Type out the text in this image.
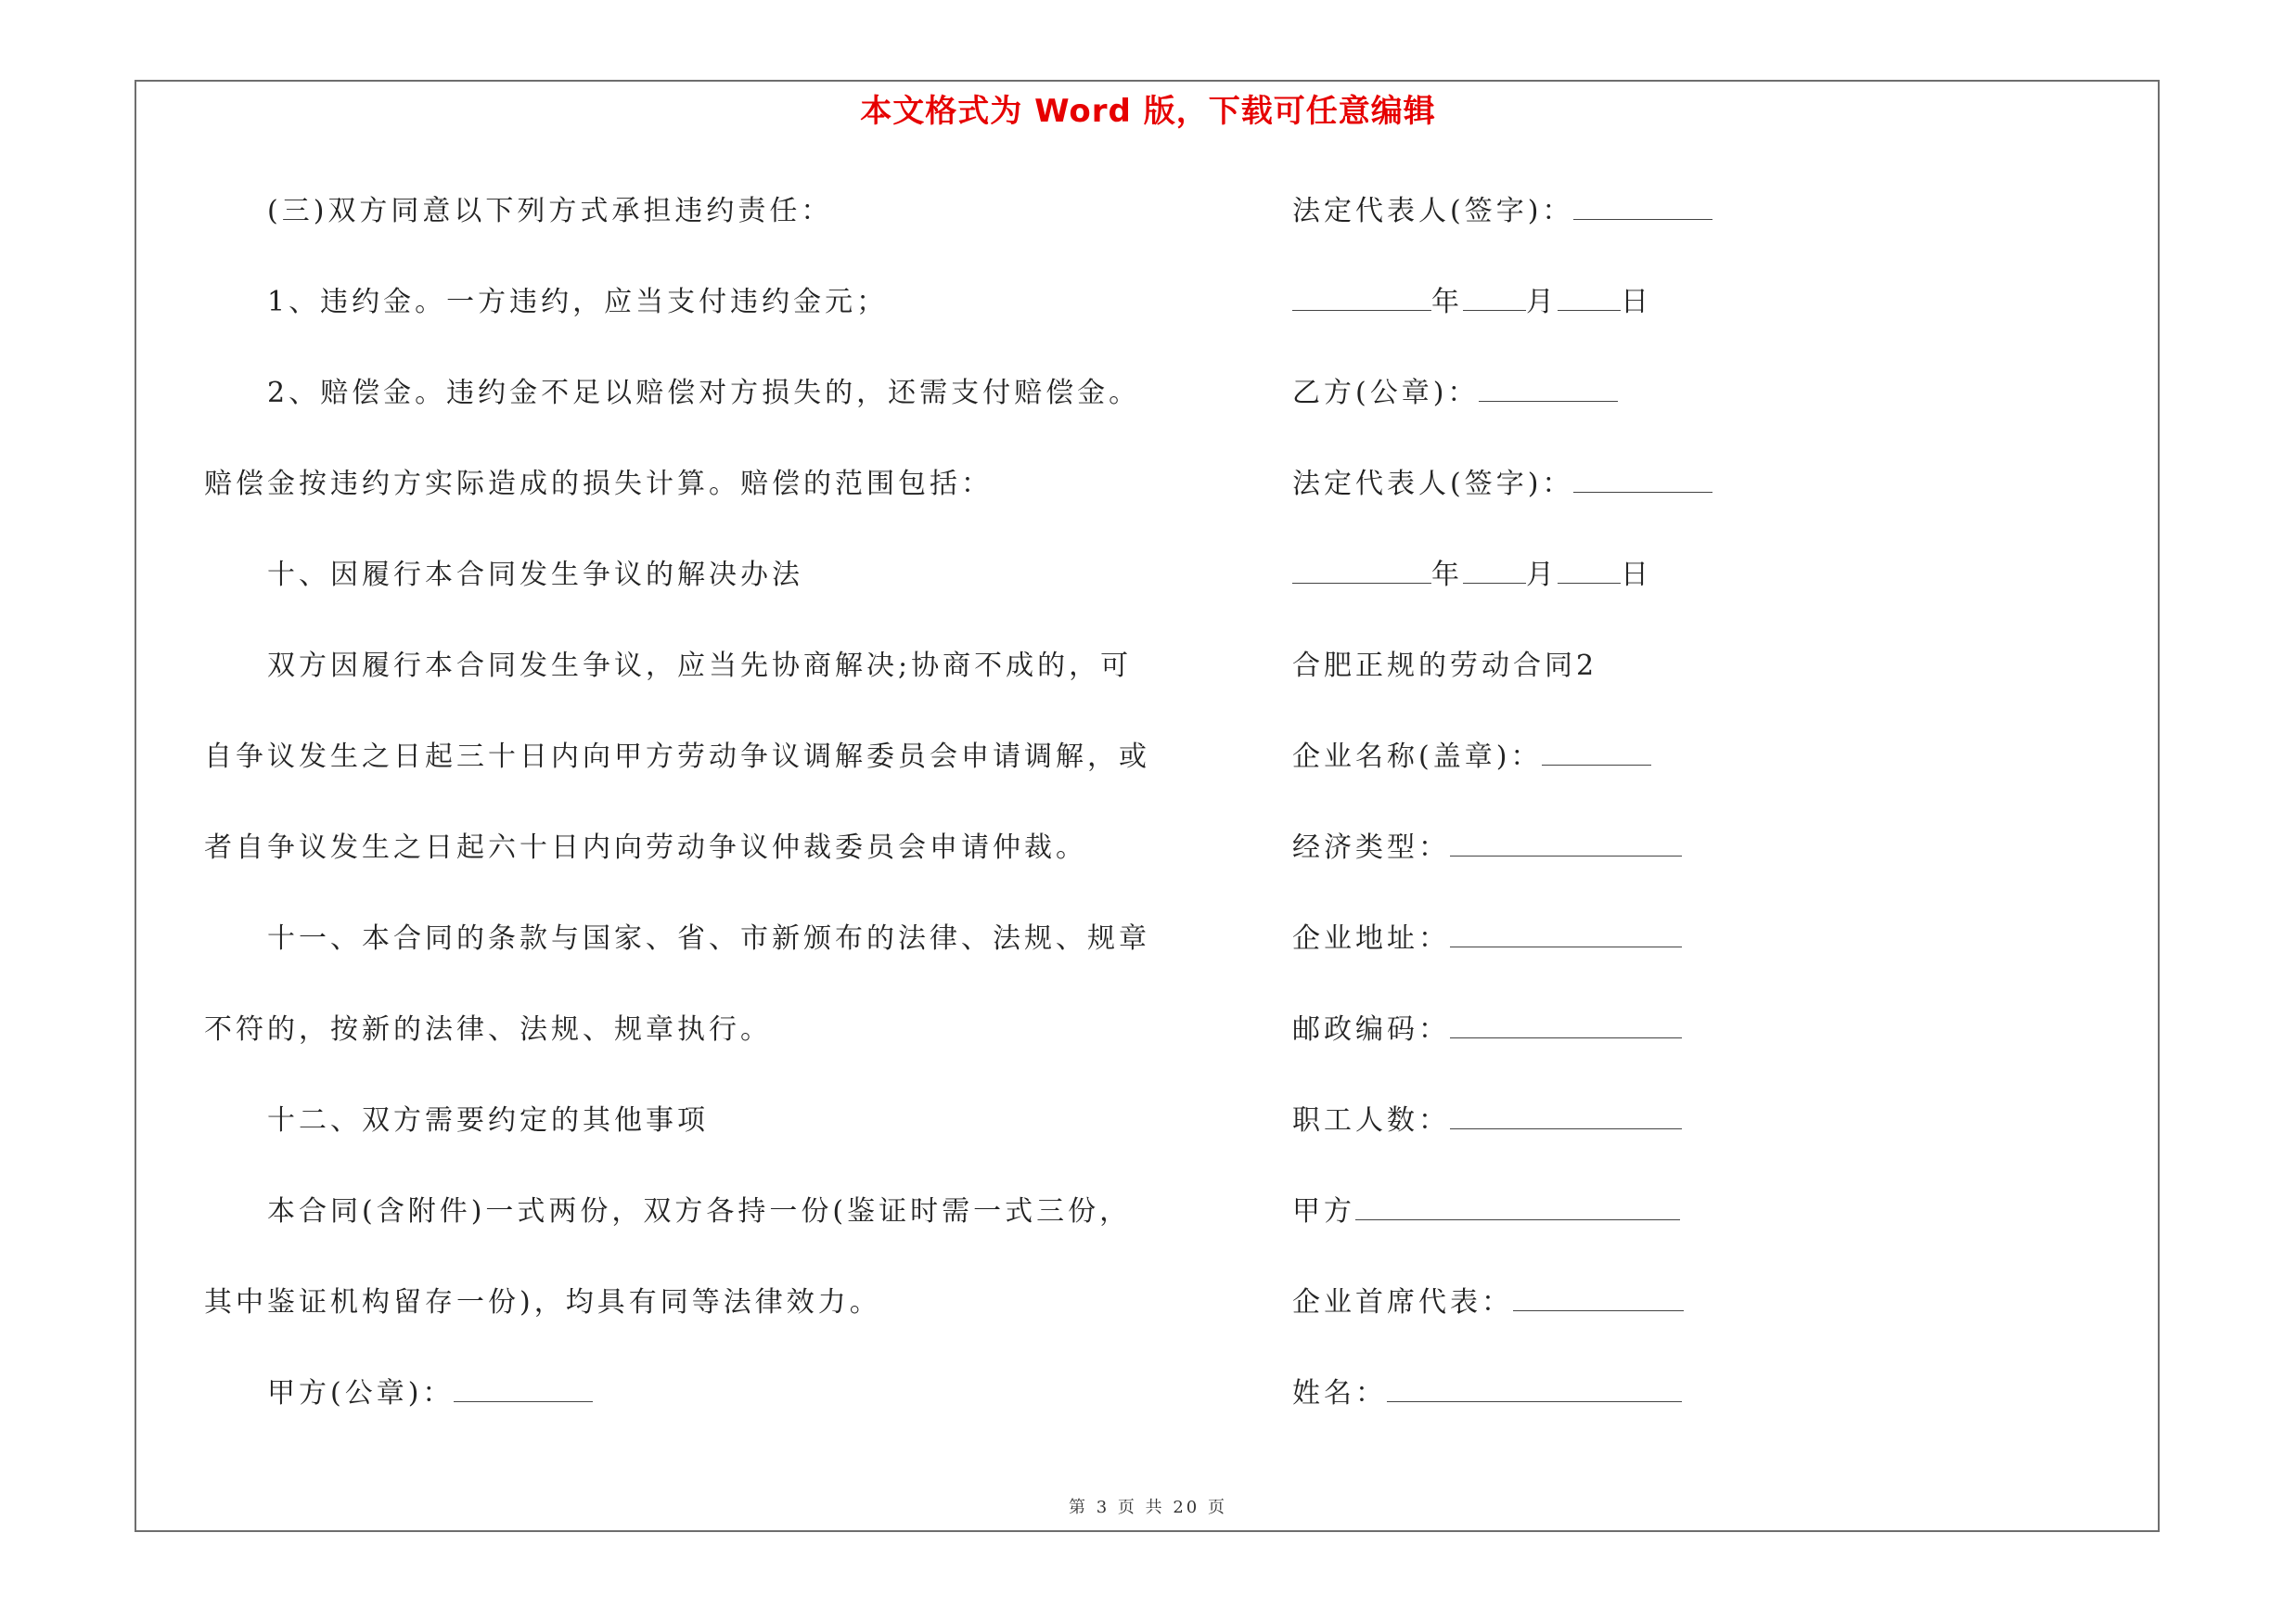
本文格式为 Word 版，下载可任意编辑
(三)双方同意以下列方式承担违约责任：
1、违约金。一方违约，应当支付违约金元；
2、赔偿金。违约金不足以赔偿对方损失的，还需支付赔偿金。
赔偿金按违约方实际造成的损失计算。赔偿的范围包括：
十、因履行本合同发生争议的解决办法
双方因履行本合同发生争议，应当先协商解决;协商不成的，可
自争议发生之日起三十日内向甲方劳动争议调解委员会申请调解，或
者自争议发生之日起六十日内向劳动争议仲裁委员会申请仲裁。
十一、本合同的条款与国家、省、市新颁布的法律、法规、规章
不符的，按新的法律、法规、规章执行。
十二、双方需要约定的其他事项
本合同(含附件)一式两份，双方各持一份(鉴证时需一式三份，
其中鉴证机构留存一份)，均具有同等法律效力。
甲方(公章)：
法定代表人(签字)：
年 月 日
乙方(公章)：
法定代表人(签字)：
年 月 日
合肥正规的劳动合同2
企业名称(盖章)：
经济类型：
企业地址：
邮政编码：
职工人数：
甲方
企业首席代表：
姓名：
第 3 页 共 20 页
